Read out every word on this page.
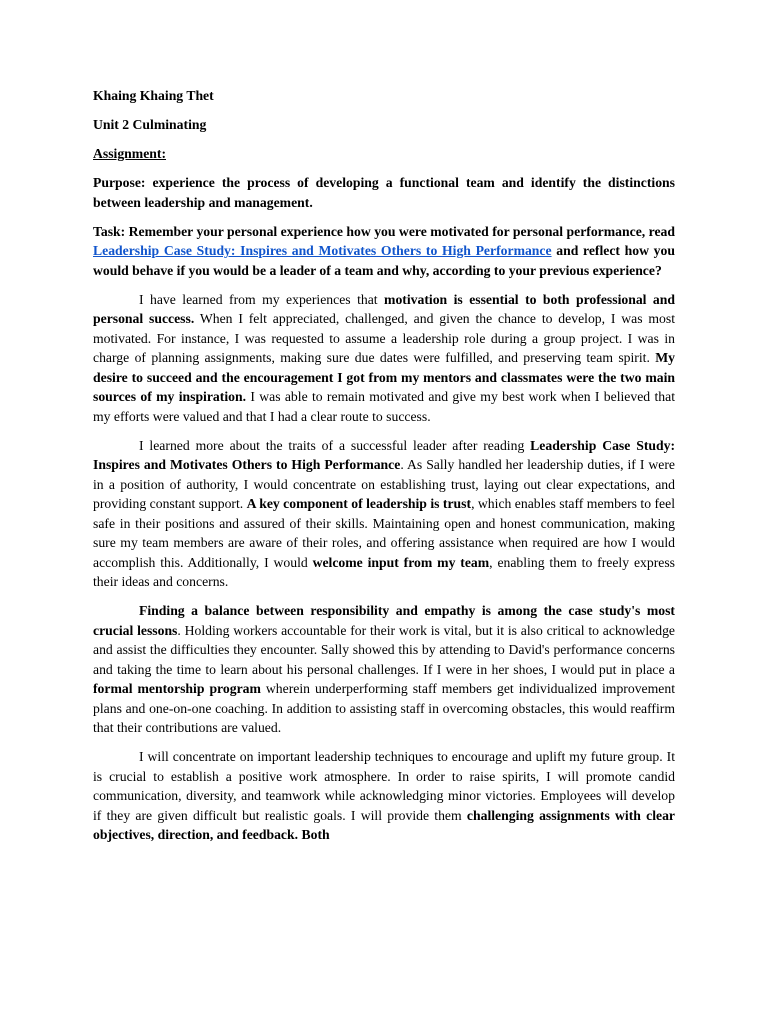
Khaing Khaing Thet

Unit 2 Culminating

Assignment:

Purpose: experience the process of developing a functional team and identify the distinctions between leadership and management.

Task: Remember your personal experience how you were motivated for personal performance, read Leadership Case Study: Inspires and Motivates Others to High Performance and reflect how you would behave if you would be a leader of a team and why, according to your previous experience?

I have learned from my experiences that motivation is essential to both professional and personal success. When I felt appreciated, challenged, and given the chance to develop, I was most motivated. For instance, I was requested to assume a leadership role during a group project. I was in charge of planning assignments, making sure due dates were fulfilled, and preserving team spirit. My desire to succeed and the encouragement I got from my mentors and classmates were the two main sources of my inspiration. I was able to remain motivated and give my best work when I believed that my efforts were valued and that I had a clear route to success.

I learned more about the traits of a successful leader after reading Leadership Case Study: Inspires and Motivates Others to High Performance. As Sally handled her leadership duties, if I were in a position of authority, I would concentrate on establishing trust, laying out clear expectations, and providing constant support. A key component of leadership is trust, which enables staff members to feel safe in their positions and assured of their skills. Maintaining open and honest communication, making sure my team members are aware of their roles, and offering assistance when required are how I would accomplish this. Additionally, I would welcome input from my team, enabling them to freely express their ideas and concerns.

Finding a balance between responsibility and empathy is among the case study's most crucial lessons. Holding workers accountable for their work is vital, but it is also critical to acknowledge and assist the difficulties they encounter. Sally showed this by attending to David's performance concerns and taking the time to learn about his personal challenges. If I were in her shoes, I would put in place a formal mentorship program wherein underperforming staff members get individualized improvement plans and one-on-one coaching. In addition to assisting staff in overcoming obstacles, this would reaffirm that their contributions are valued.

I will concentrate on important leadership techniques to encourage and uplift my future group. It is crucial to establish a positive work atmosphere. In order to raise spirits, I will promote candid communication, diversity, and teamwork while acknowledging minor victories. Employees will develop if they are given difficult but realistic goals. I will provide them challenging assignments with clear objectives, direction, and feedback. Both
